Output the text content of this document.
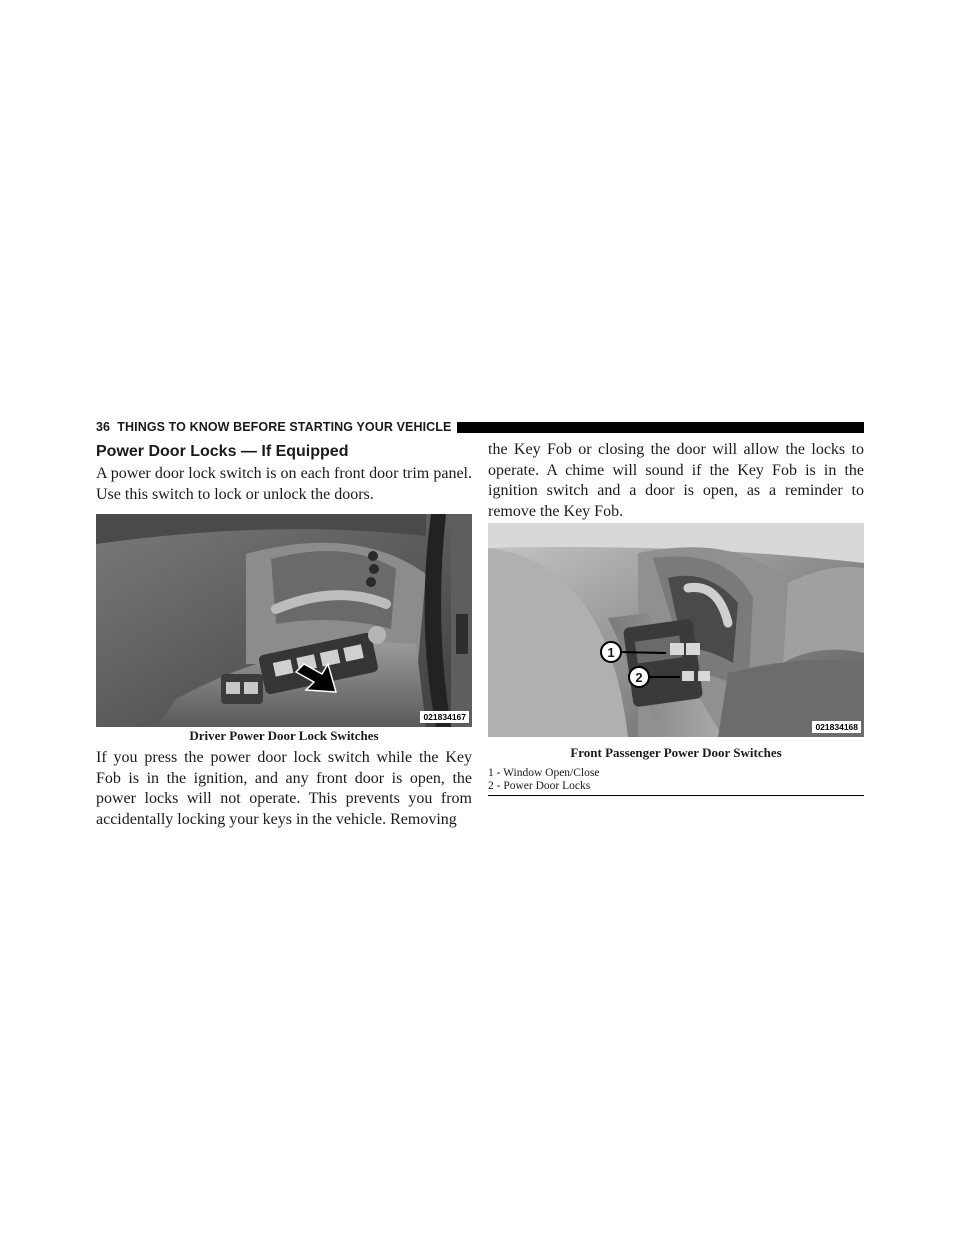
36 THINGS TO KNOW BEFORE STARTING YOUR VEHICLE
Power Door Locks — If Equipped

A power door lock switch is on each front door trim panel. Use this switch to lock or unlock the doors.

021834167
Driver Power Door Lock Switches

If you press the power door lock switch while the Key Fob is in the ignition, and any front door is open, the power locks will not operate. This prevents you from accidentally locking your keys in the vehicle. Removing

the Key Fob or closing the door will allow the locks to operate. A chime will sound if the Key Fob is in the ignition switch and a door is open, as a reminder to remove the Key Fob.

1
2
021834168
Front Passenger Power Door Switches
1 - Window Open/Close
2 - Power Door Locks
